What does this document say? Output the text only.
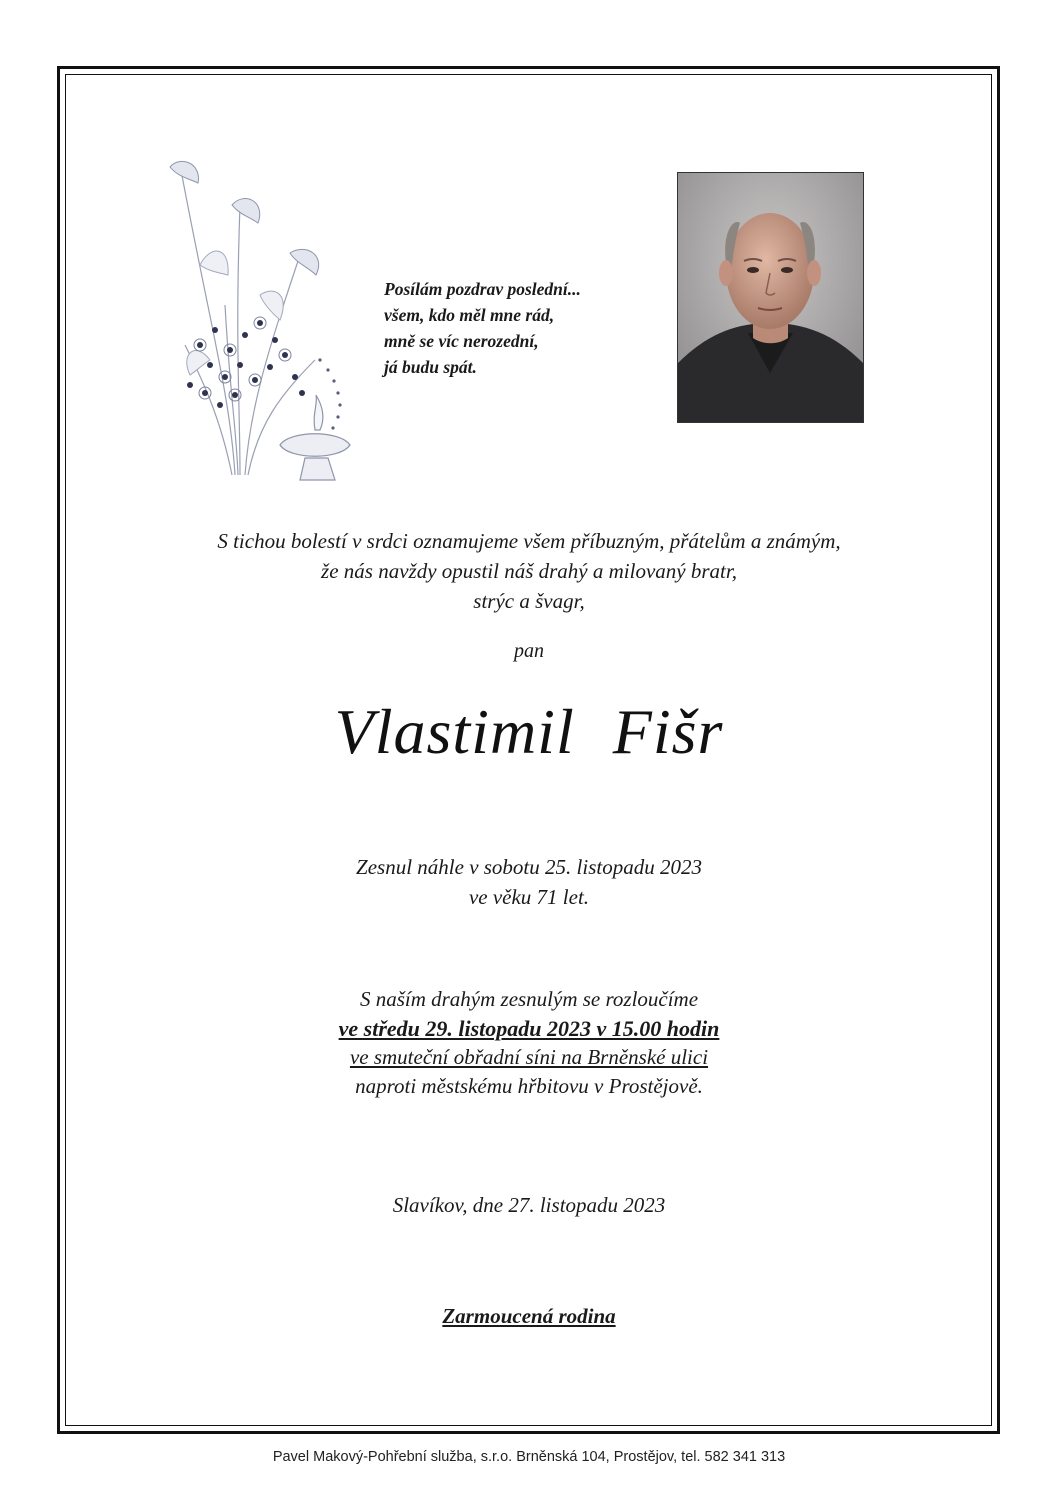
Posílám pozdrav poslední...
všem, kdo měl mne rád,
mně se víc nerozední,
já budu spát.
S tichou bolestí v srdci oznamujeme všem příbuzným, přátelům a známým,
že nás navždy opustil náš drahý a milovaný bratr,
strýc a švagr,
pan
Vlastimil Fišr
Zesnul náhle v sobotu 25. listopadu 2023
ve věku 71 let.
S naším drahým zesnulým se rozloučíme
ve středu 29. listopadu 2023 v 15.00 hodin
ve smuteční obřadní síni na Brněnské ulici
naproti městskému hřbitovu v Prostějově.
Slavíkov, dne 27. listopadu 2023
Zarmoucená rodina
Pavel Makový-Pohřební služba, s.r.o. Brněnská 104, Prostějov, tel. 582 341 313
